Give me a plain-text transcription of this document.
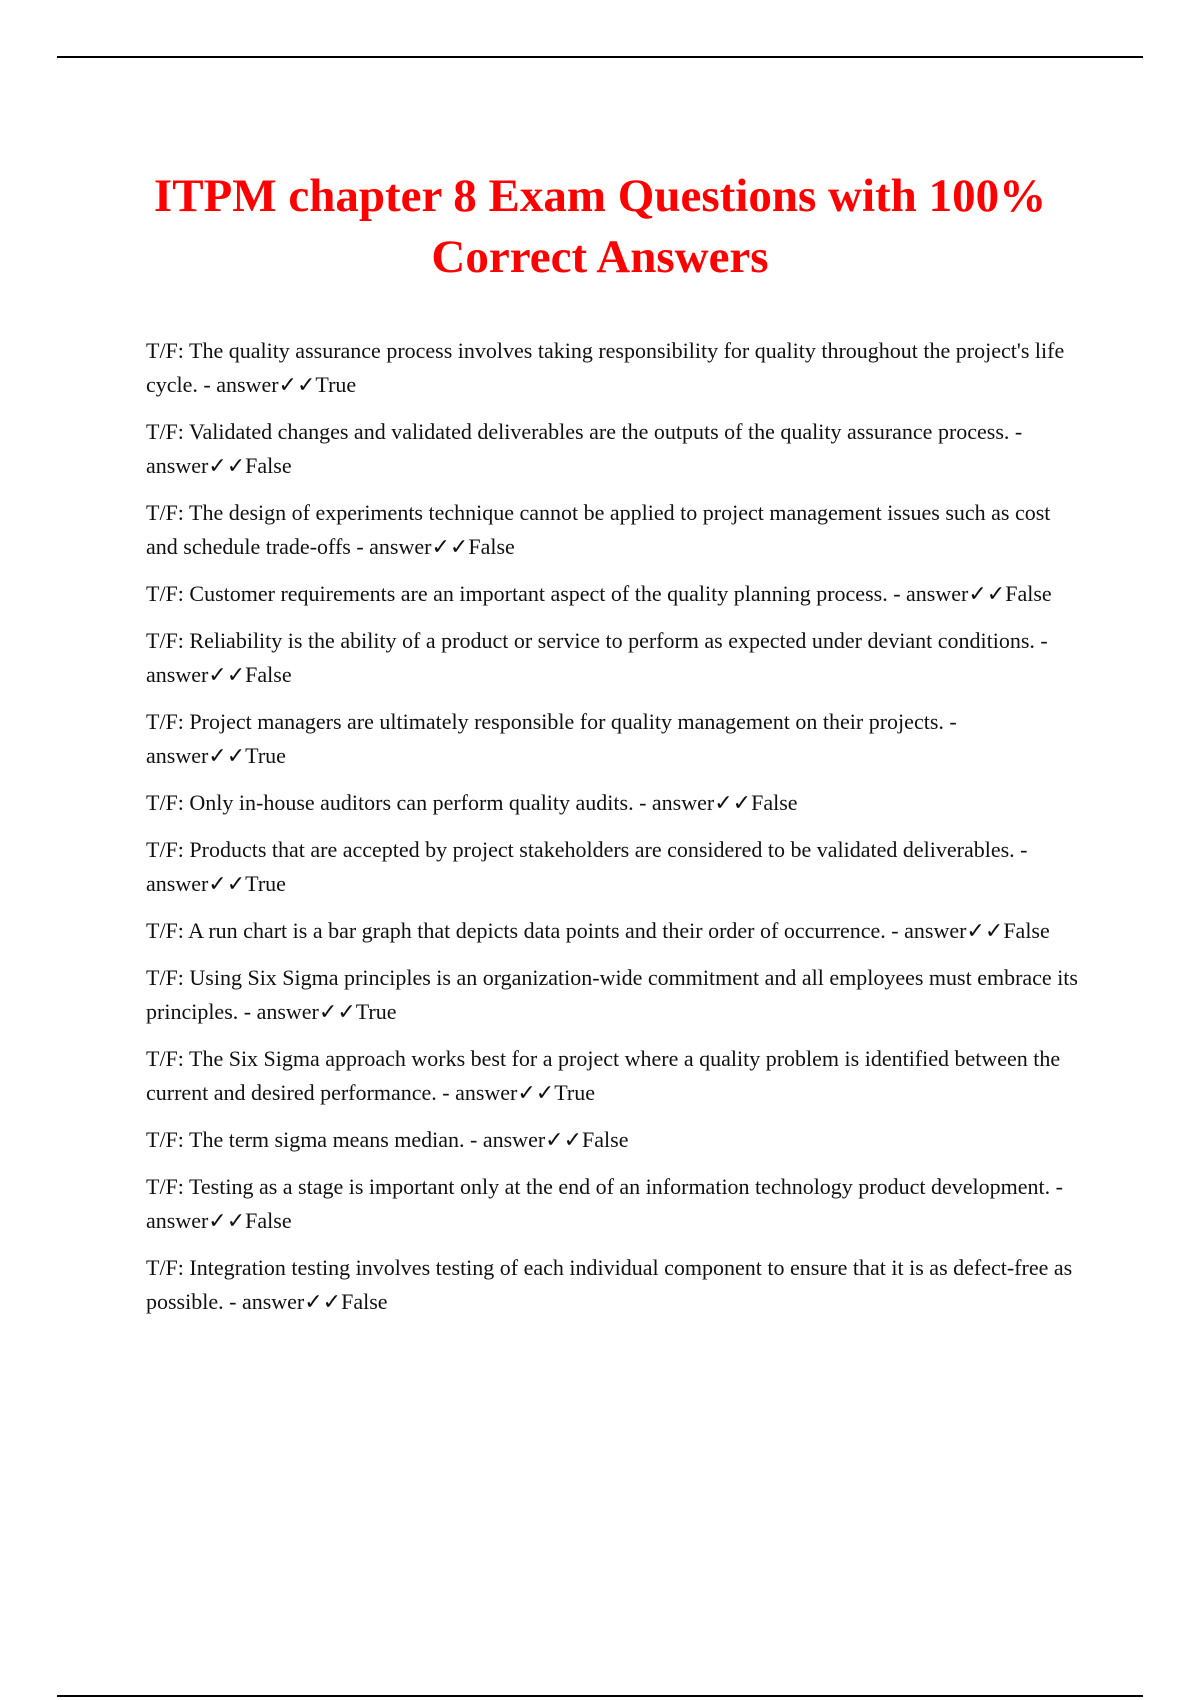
ITPM chapter 8 Exam Questions with 100% Correct Answers
T/F: The quality assurance process involves taking responsibility for quality throughout the project's life cycle. - answer✓✓True
T/F: Validated changes and validated deliverables are the outputs of the quality assurance process. - answer✓✓False
T/F: The design of experiments technique cannot be applied to project management issues such as cost and schedule trade-offs - answer✓✓False
T/F: Customer requirements are an important aspect of the quality planning process. - answer✓✓False
T/F: Reliability is the ability of a product or service to perform as expected under deviant conditions. - answer✓✓False
T/F: Project managers are ultimately responsible for quality management on their projects. - answer✓✓True
T/F: Only in-house auditors can perform quality audits. - answer✓✓False
T/F: Products that are accepted by project stakeholders are considered to be validated deliverables. - answer✓✓True
T/F: A run chart is a bar graph that depicts data points and their order of occurrence. - answer✓✓False
T/F: Using Six Sigma principles is an organization-wide commitment and all employees must embrace its principles. - answer✓✓True
T/F: The Six Sigma approach works best for a project where a quality problem is identified between the current and desired performance. - answer✓✓True
T/F: The term sigma means median. - answer✓✓False
T/F: Testing as a stage is important only at the end of an information technology product development. - answer✓✓False
T/F: Integration testing involves testing of each individual component to ensure that it is as defect-free as possible. - answer✓✓False
